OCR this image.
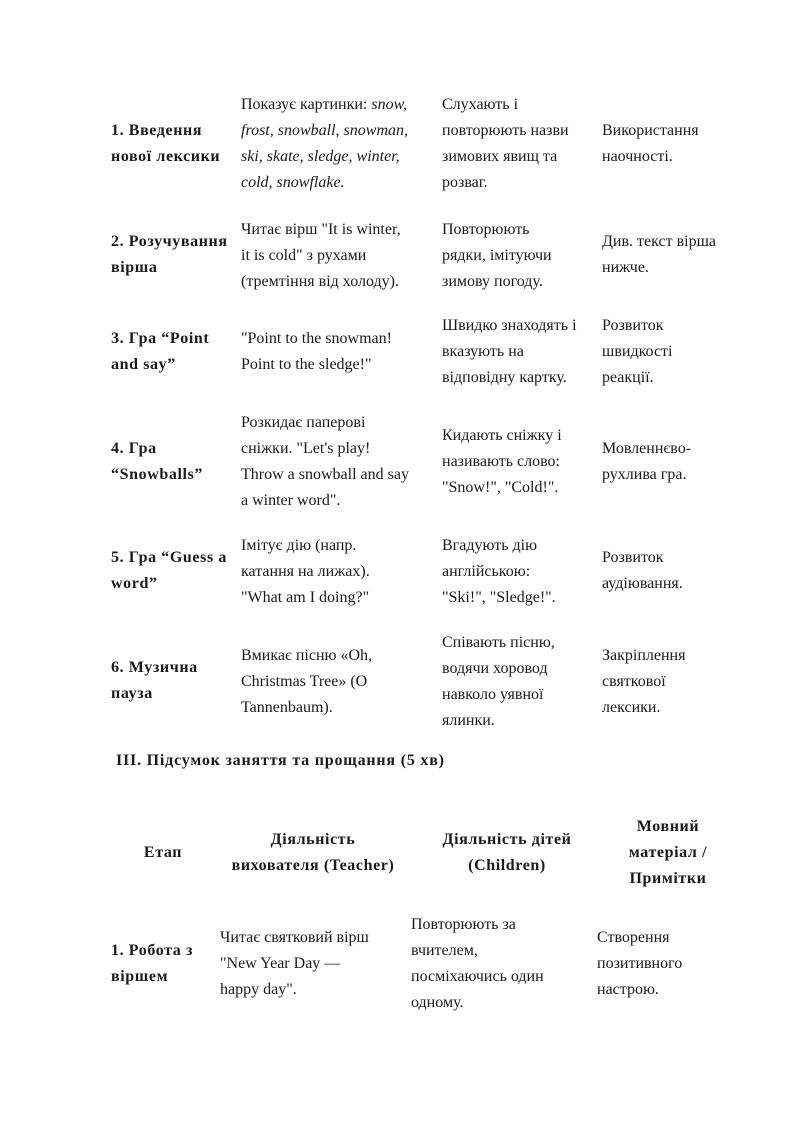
1. Введення
нової лексики
Показує картинки: snow,
frost, snowball, snowman,
ski, skate, sledge, winter,
cold, snowflake.
Слухають і
повторюють назви
зимових явищ та
розваг.
Використання
наочності.
2. Розучування
вірша
Читає вірш "It is winter,
it is cold" з рухами
(тремтіння від холоду).
Повторюють
рядки, імітуючи
зимову погоду.
Див. текст вірша
нижче.
3. Гра “Point
and say”
"Point to the snowman!
Point to the sledge!"
Швидко знаходять і
вказують на
відповідну картку.
Розвиток
швидкості
реакції.
4. Гра
“Snowballs”
Розкидає паперові
сніжки. "Let's play!
Throw a snowball and say
a winter word".
Кидають сніжку і
називають слово:
"Snow!", "Cold!".
Мовленнєво-
рухлива гра.
5. Гра “Guess a
word”
Імітує дію (напр.
катання на лижах).
"What am I doing?"
Вгадують дію
англійською:
"Ski!", "Sledge!".
Розвиток
аудіювання.
6. Музична
пауза
Вмикає пісню «Oh,
Christmas Tree» (O
Tannenbaum).
Співають пісню,
водячи хоровод
навколо уявної
ялинки.
Закріплення
святкової
лексики.
III. Підсумок заняття та прощання (5 хв)
Етап
Діяльність
вихователя (Teacher)
Діяльність дітей
(Children)
Мовний
матеріал /
Примітки
1. Робота з
віршем
Читає святковий вірш
"New Year Day —
happy day".
Повторюють за
вчителем,
посміхаючись один
одному.
Створення
позитивного
настрою.
